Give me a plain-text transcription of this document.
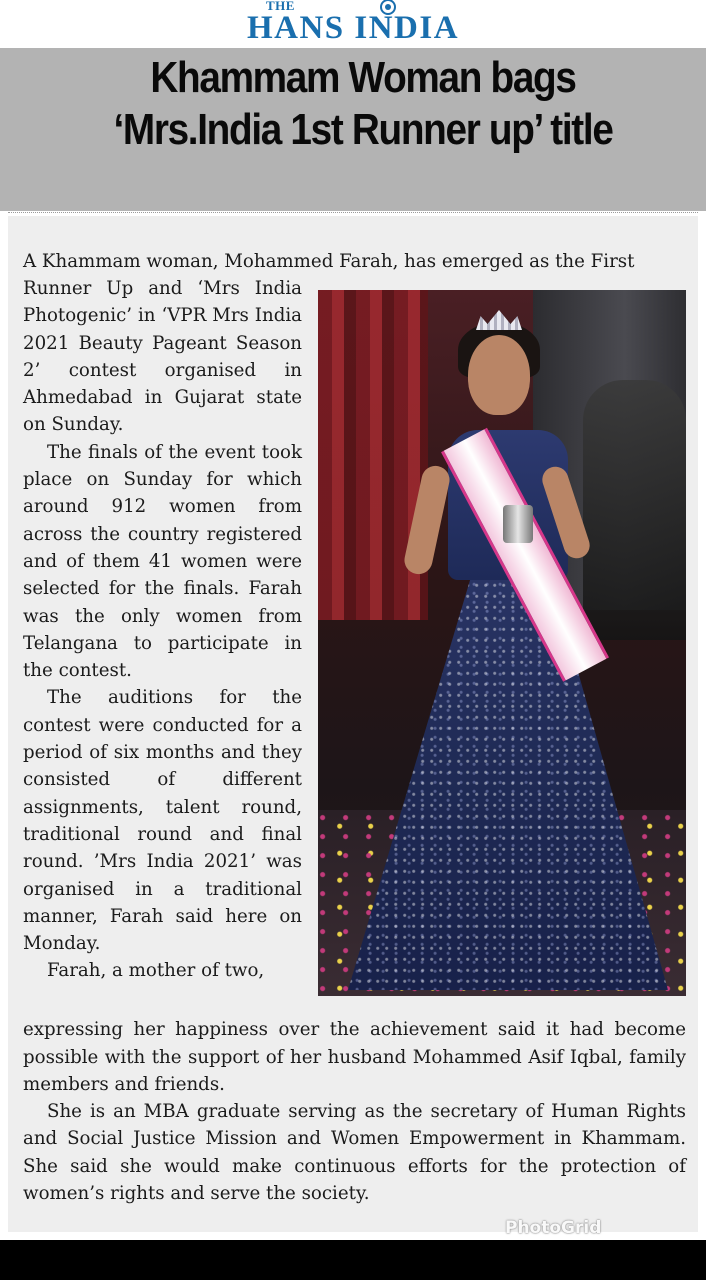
THE
HANS INDIA
Khammam Woman bags ‘Mrs.India 1st Runner up’ title

A Khammam woman, Mohammed Farah, has emerged as the First

Runner Up and ‘Mrs India Photogenic’ in ‘VPR Mrs India 2021 Beauty Pageant Season 2’ contest organised in Ahmedabad in Gujarat state on Sunday.

The finals of the event took place on Sunday for which around 912 women from across the country registered and of them 41 women were selected for the finals. Farah was the only women from Telangana to participate in the contest.

The auditions for the contest were conducted for a period of six months and they consisted of different assignments, talent round, traditional round and final round. ’Mrs India 2021’ was organised in a traditional manner, Farah said here on Monday.

Farah, a mother of two,

expressing her happiness over the achievement said it had become possible with the support of her husband Mohammed Asif Iqbal, family members and friends.

She is an MBA graduate serving as the secretary of Human Rights and Social Justice Mission and Women Empowerment in Khammam. She said she would make continuous efforts for the protection of women’s rights and serve the society.

PhotoGrid
